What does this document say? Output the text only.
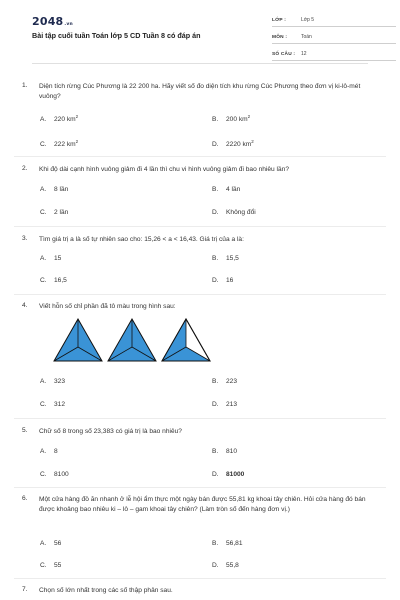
2048.vn
Bài tập cuối tuần Toán lớp 5 CD Tuần 8 có đáp án
LỚP :	Lớp 5
MÔN :	Toán
SỐ CÂU :	12
1.	Diện tích rừng Cúc Phương là 22 200 ha. Hãy viết số đo diện tích khu rừng Cúc Phương theo đơn vị ki-lô-mét vuông?
A.	220 $km^2$	B.	200 $km^2$
C.	222 $km^2$	D.	2220 $km^2$
2.	Khi độ dài cạnh hình vuông giảm đi 4 lần thì chu vi hình vuông giảm đi bao nhiêu lần?
A.	8 lần	B.	4 lần
C.	2 lần	D.	Không đổi
3.	Tìm giá trị a là số tự nhiên sao cho: 15,26 < a < 16,43. Giá trị của a là:
A.	15	B.	15,5
C.	16,5	D.	16
4.	Viết hỗn số chỉ phần đã tô màu trong hình sau:
A.	323	B.	223
C.	312	D.	213
5.	Chữ số 8 trong số 23,383 có giá trị là bao nhiêu?
A.	8	B.	810
C.	8100	D.	81000
6.	Một cửa hàng đồ ăn nhanh ở lễ hội ẩm thực một ngày bán được 55,81 kg khoai tây chiên. Hỏi cửa hàng đó bán được khoảng bao nhiêu ki – lô – gam khoai tây chiên? (Làm tròn số đến hàng đơn vị.)
A.	56	B.	56,81
C.	55	D.	55,8
7.	Chọn số lớn nhất trong các số thập phân sau.
